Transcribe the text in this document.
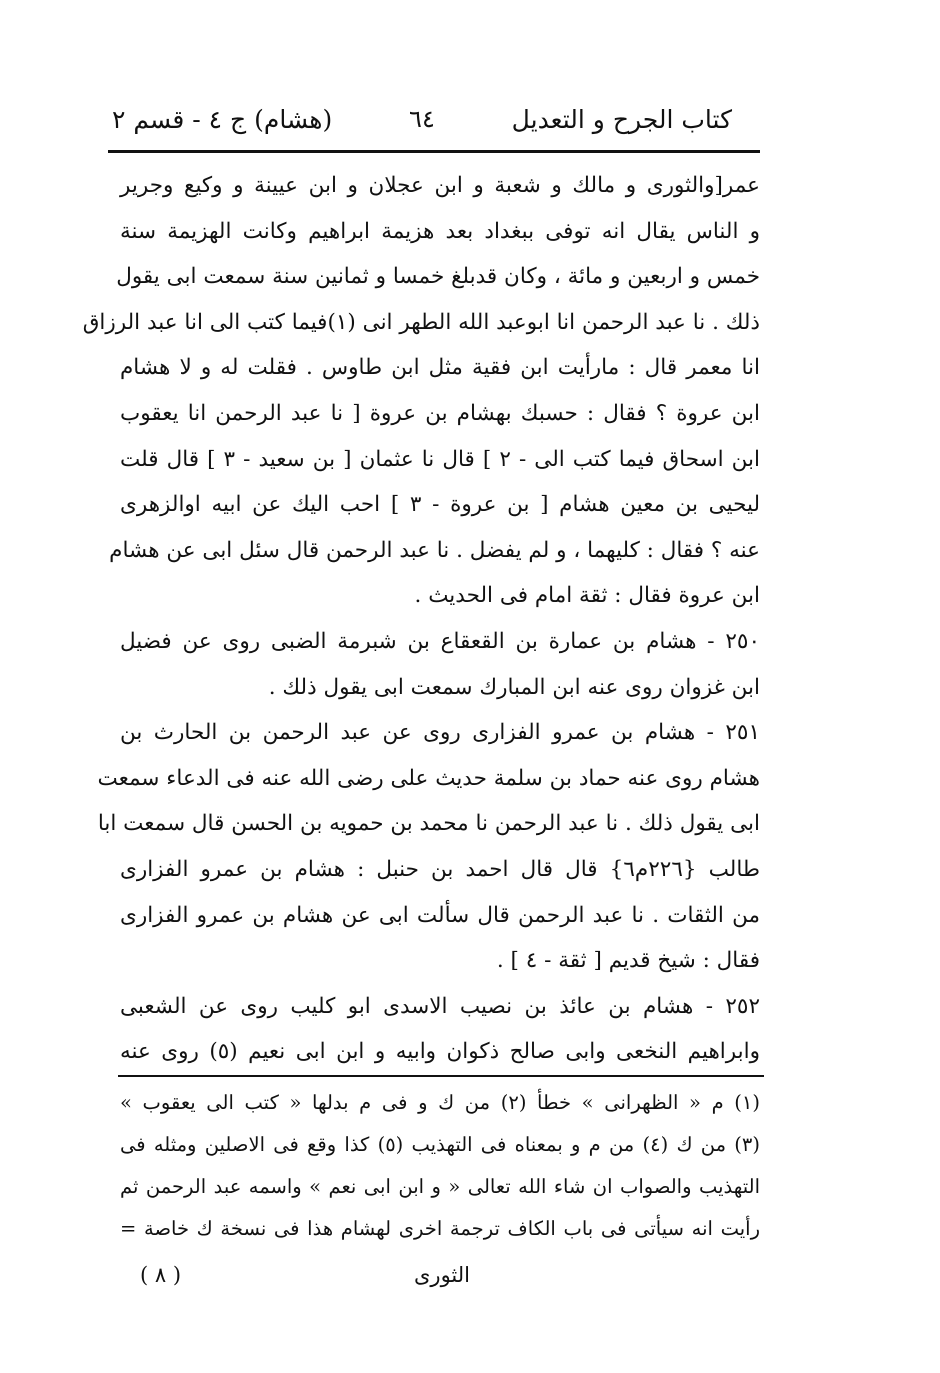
كتاب الجرح و التعديل
٦٤
(هشام) ج ٤ - قسم ٢
عمر[والثورى و مالك و شعبة و ابن عجلان و ابن عيينة و وكيع وجرير
و الناس يقال انه توفى ببغداد بعد هزيمة ابراهيم وكانت الهزيمة سنة
خمس و اربعين و مائة ، وكان قدبلغ خمسا و ثمانين سنة سمعت ابى يقول
ذلك . نا عبد الرحمن انا ابوعبد الله الطهر انى (١)فيما كتب الى انا عبد الرزاق
انا معمر قال : مارأيت ابن فقية مثل ابن طاوس . فقلت له و لا هشام
ابن عروة ؟ فقال : حسبك بهشام بن عروة [ نا عبد الرحمن انا يعقوب
ابن اسحاق فيما كتب الى - ٢ ] قال نا عثمان [ بن سعيد - ٣ ] قال قلت
ليحيى بن معين هشام [ بن عروة - ٣ ] احب اليك عن ابيه اوالزهرى
عنه ؟ فقال : كليهما ، و لم يفضل . نا عبد الرحمن قال سئل ابى عن هشام
ابن عروة فقال : ثقة امام فى الحديث .
٢٥٠ - هشام بن عمارة بن القعقاع بن شبرمة الضبى روى عن فضيل
ابن غزوان روى عنه ابن المبارك سمعت ابى يقول ذلك .
٢٥١ - هشام بن عمرو الفزارى روى عن عبد الرحمن بن الحارث بن
هشام روى عنه حماد بن سلمة حديث على رضى الله عنه فى الدعاء سمعت
ابى يقول ذلك . نا عبد الرحمن نا محمد بن حمويه بن الحسن قال سمعت ابا
طالب {٢٢٦م٦} قال قال احمد بن حنبل : هشام بن عمرو الفزارى
من الثقات . نا عبد الرحمن قال سألت ابى عن هشام بن عمرو الفزارى
فقال : شيخ قديم [ ثقة - ٤ ] .
٢٥٢ - هشام بن عائذ بن نصيب الاسدى ابو كليب روى عن الشعبى
وابراهيم النخعى وابى صالح ذكوان وابيه و ابن ابى نعيم (٥) روى عنه
(١) م « الظهرانى » خطأ (٢) من ك و فى م بدلها « كتب الى يعقوب »
(٣) من ك (٤) من م و بمعناه فى التهذيب (٥) كذا وقع فى الاصلين ومثله فى
التهذيب والصواب ان شاء الله تعالى « و ابن ابى نعم » واسمه عبد الرحمن ثم
رأيت انه سيأتى فى باب الكاف ترجمة اخرى لهشام هذا فى نسخة ك خاصة =
الثورى
( ٨ )
